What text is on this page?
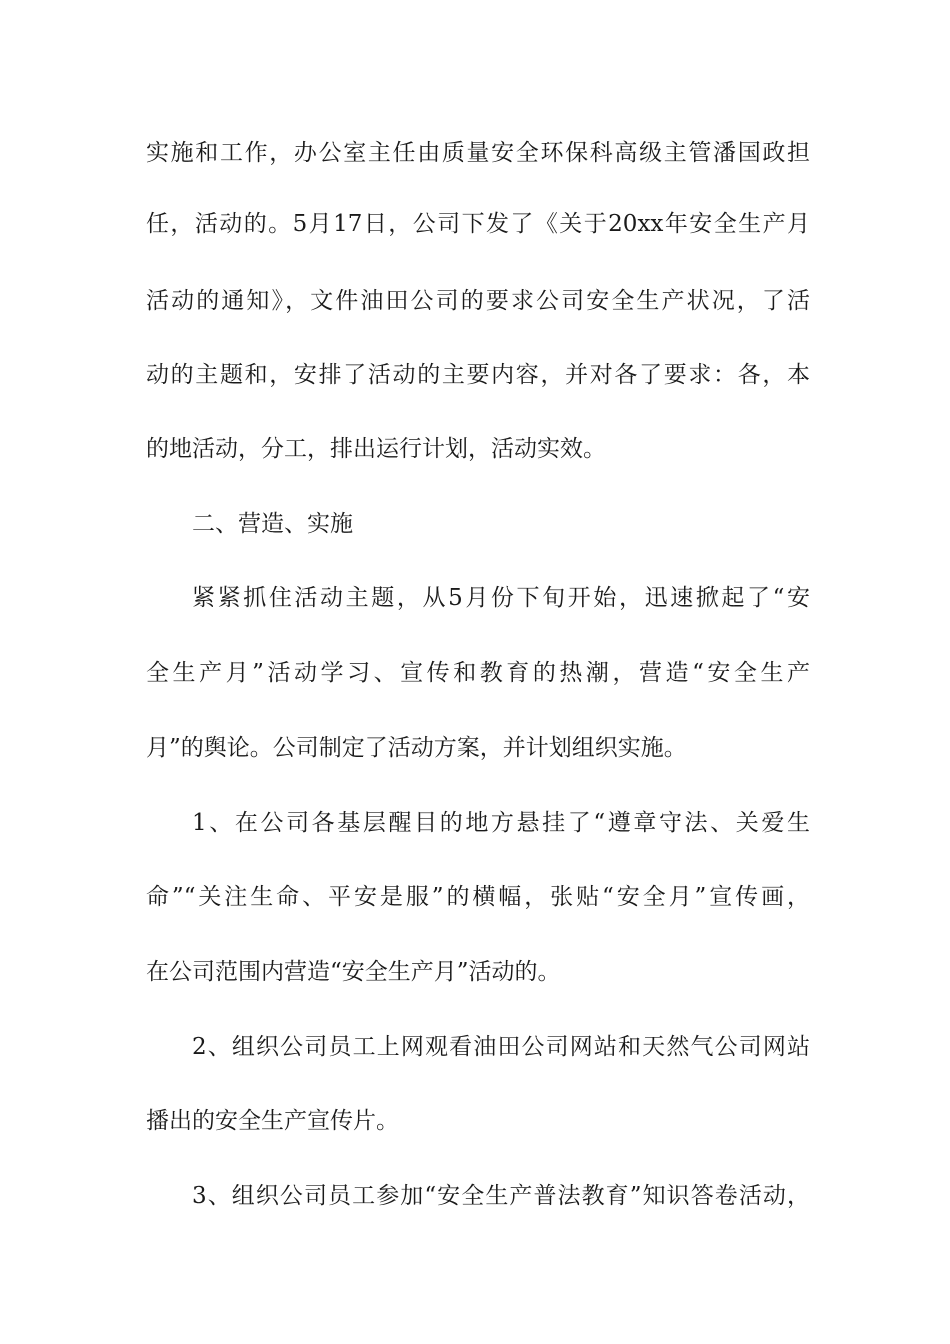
实施和工作，办公室主任由质量安全环保科高级主管潘国政担
任，活动的。5月17日，公司下发了《关于20xx年安全生产月
活动的通知》，文件油田公司的要求公司安全生产状况，了活
动的主题和，安排了活动的主要内容，并对各了要求：各，本
的地活动，分工，排出运行计划，活动实效。
二、营造、实施
紧紧抓住活动主题，从5月份下旬开始，迅速掀起了“安
全生产月”活动学习、宣传和教育的热潮，营造“安全生产
月”的舆论。公司制定了活动方案，并计划组织实施。
1、在公司各基层醒目的地方悬挂了“遵章守法、关爱生
命”“关注生命、平安是服”的横幅，张贴“安全月”宣传画，
在公司范围内营造“安全生产月”活动的。
2、组织公司员工上网观看油田公司网站和天然气公司网站
播出的安全生产宣传片。
3、组织公司员工参加“安全生产普法教育”知识答卷活动，
